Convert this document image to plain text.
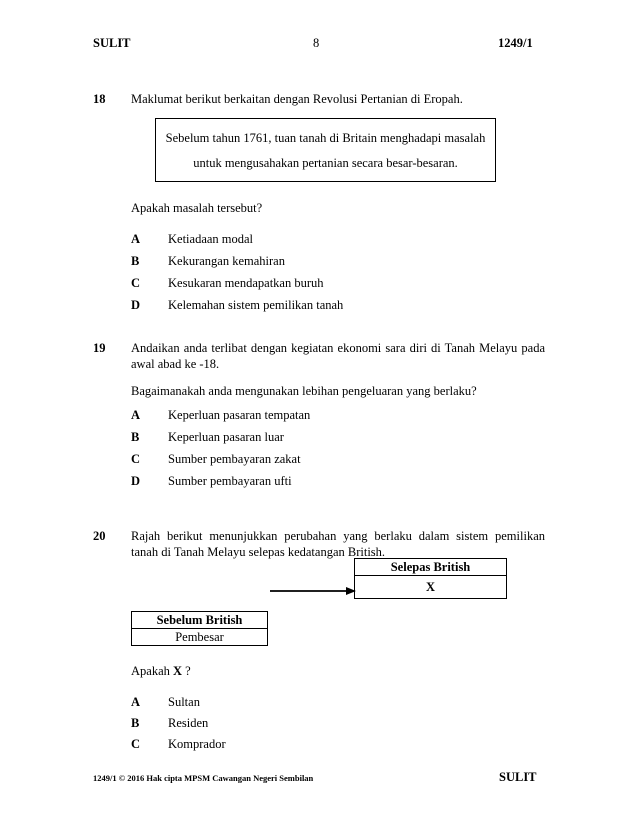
SULIT	8	1249/1
18 Maklumat berikut berkaitan dengan Revolusi Pertanian di Eropah.
Sebelum tahun 1761, tuan tanah di Britain menghadapi masalah
untuk mengusahakan pertanian secara besar-besaran.
Apakah masalah tersebut?
A Ketiadaan modal
B Kekurangan kemahiran
C Kesukaran mendapatkan buruh
D Kelemahan sistem pemilikan tanah
19 Andaikan anda terlibat dengan kegiatan ekonomi sara diri di Tanah Melayu pada
awal abad ke -18.
Bagaimanakah anda mengunakan lebihan pengeluaran yang berlaku?
A Keperluan pasaran tempatan
B Keperluan pasaran luar
C Sumber pembayaran zakat
D Sumber pembayaran ufti
20 Rajah berikut menunjukkan perubahan yang berlaku dalam sistem pemilikan
tanah di Tanah Melayu selepas kedatangan British.
Selepas British
X
Sebelum British
Pembesar
Apakah X ?
A Sultan
B Residen
C Komprador
1249/1 © 2016 Hak cipta MPSM Cawangan Negeri Sembilan	SULIT
